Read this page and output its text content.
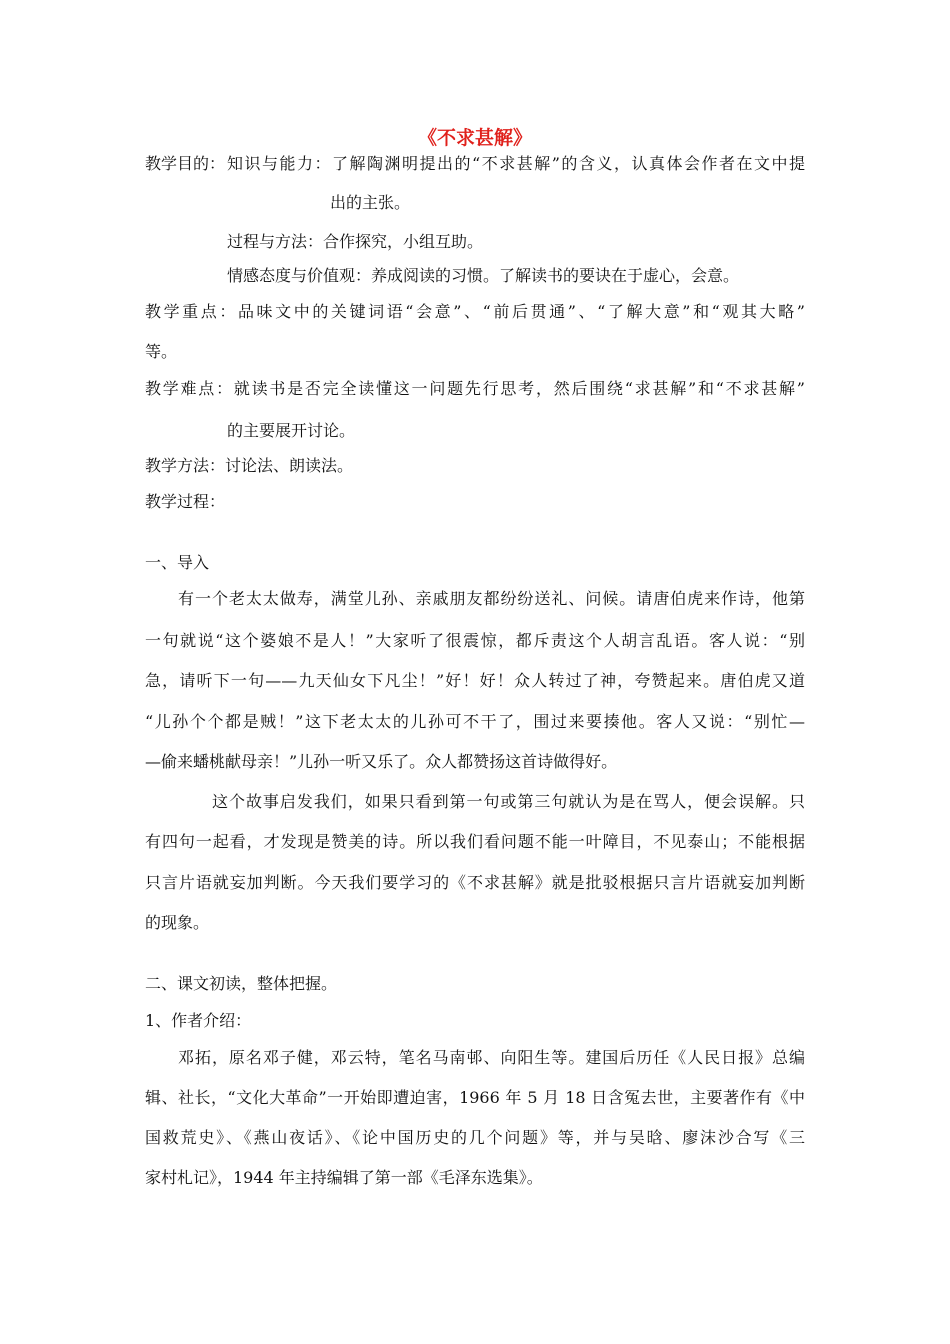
《不求甚解》
教学目的： 知识与能力：了解陶渊明提出的“不求甚解”的含义，认真体会作者在文中提
出的主张。
过程与方法：合作探究，小组互助。
情感态度与价值观：养成阅读的习惯。了解读书的要诀在于虚心，会意。
教学重点：品味文中的关键词语“会意”、“前后贯通”、“了解大意”和“观其大略”
等。
教学难点：就读书是否完全读懂这一问题先行思考，然后围绕“求甚解”和“不求甚解”
的主要展开讨论。
教学方法：讨论法、朗读法。
教学过程：
一、导入
有一个老太太做寿，满堂儿孙、亲戚朋友都纷纷送礼、问候。请唐伯虎来作诗，他第
一句就说“这个婆娘不是人！”大家听了很震惊，都斥责这个人胡言乱语。客人说：“别
急，请听下一句——九天仙女下凡尘！”好！好！众人转过了神，夸赞起来。唐伯虎又道
“儿孙个个都是贼！”这下老太太的儿孙可不干了，围过来要揍他。客人又说：“别忙—
—偷来蟠桃献母亲！”儿孙一听又乐了。众人都赞扬这首诗做得好。
这个故事启发我们，如果只看到第一句或第三句就认为是在骂人，便会误解。只
有四句一起看，才发现是赞美的诗。所以我们看问题不能一叶障目，不见泰山；不能根据
只言片语就妄加判断。今天我们要学习的《不求甚解》就是批驳根据只言片语就妄加判断
的现象。
二、课文初读，整体把握。
1、作者介绍：
邓拓，原名邓子健，邓云特，笔名马南邨、向阳生等。建国后历任《人民日报》总编
辑、社长，“文化大革命”一开始即遭迫害，1966 年 5 月 18 日含冤去世，主要著作有《中
国救荒史》、《燕山夜话》、《论中国历史的几个问题》等，并与吴晗、廖沫沙合写《三
家村札记》，1944 年主持编辑了第一部《毛泽东选集》。
